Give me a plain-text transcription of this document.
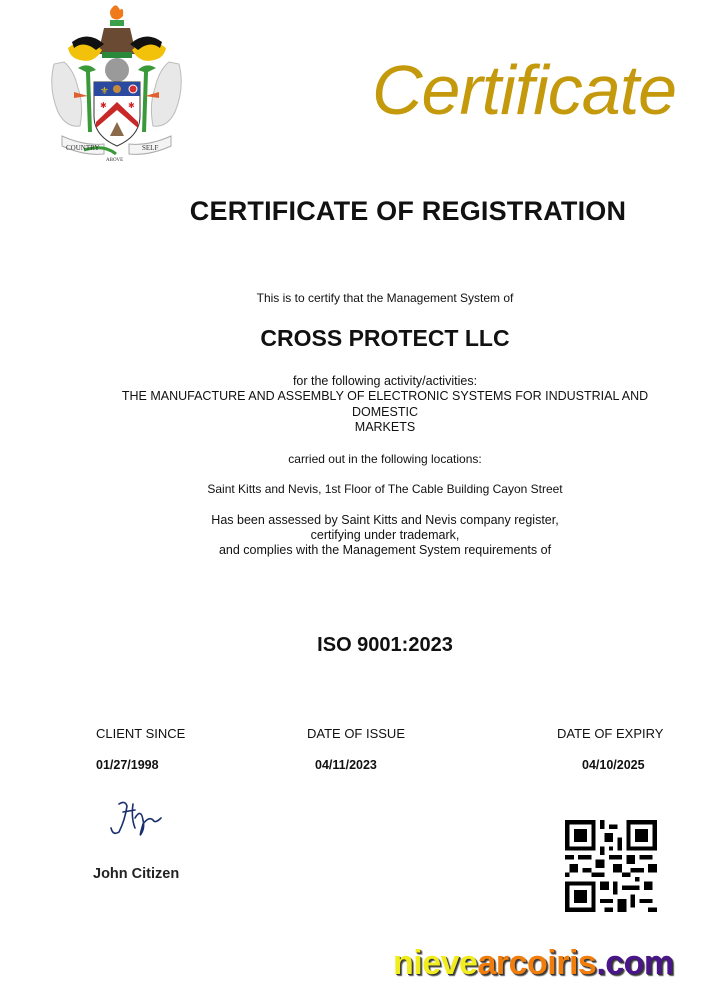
⚜
✱	✱
COUNTRY
ABOVE
SELF
Certificate
CERTIFICATE OF REGISTRATION
This is to certify that the Management System of
CROSS PROTECT LLC
for the following activity/activities:
THE MANUFACTURE AND ASSEMBLY OF ELECTRONIC SYSTEMS FOR INDUSTRIAL AND
DOMESTIC
MARKETS
carried out in the following locations:
Saint Kitts and Nevis, 1st Floor of The Cable Building Cayon Street
Has been assessed by Saint Kitts and Nevis company register,
certifying under trademark,
and complies with the Management System requirements of
ISO 9001:2023
CLIENT SINCE	DATE OF ISSUE	DATE OF EXPIRY
01/27/1998	04/11/2023	04/10/2025
John Citizen
nievearcoiris.com
